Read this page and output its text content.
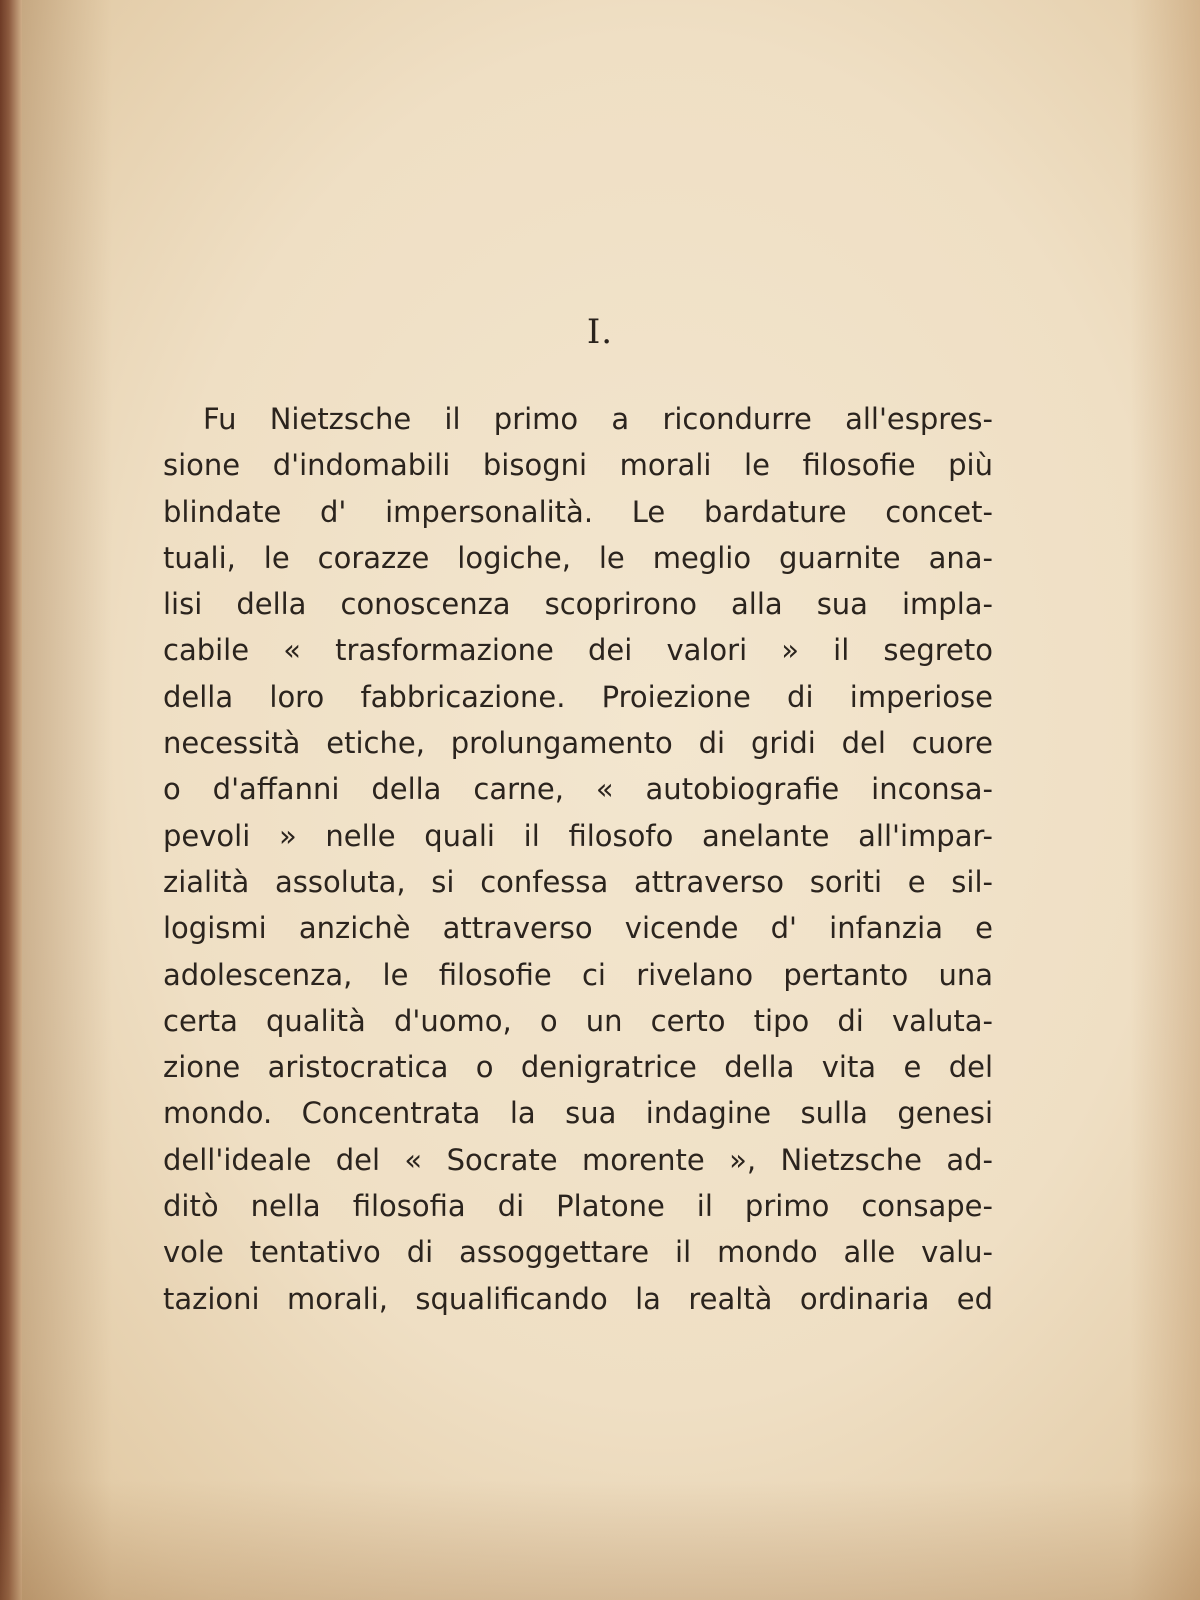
I.
Fu Nietzsche il primo a ricondurre all'espres-
sione d'indomabili bisogni morali le filosofie più
blindate d' impersonalità. Le bardature concet-
tuali, le corazze logiche, le meglio guarnite ana-
lisi della conoscenza scoprirono alla sua impla-
cabile « trasformazione dei valori » il segreto
della loro fabbricazione. Proiezione di imperiose
necessità etiche, prolungamento di gridi del cuore
o d'affanni della carne, « autobiografie inconsa-
pevoli » nelle quali il filosofo anelante all'impar-
zialità assoluta, si confessa attraverso soriti e sil-
logismi anzichè attraverso vicende d' infanzia e
adolescenza, le filosofie ci rivelano pertanto una
certa qualità d'uomo, o un certo tipo di valuta-
zione aristocratica o denigratrice della vita e del
mondo. Concentrata la sua indagine sulla genesi
dell'ideale del « Socrate morente », Nietzsche ad-
ditò nella filosofia di Platone il primo consape-
vole tentativo di assoggettare il mondo alle valu-
tazioni morali, squalificando la realtà ordinaria ed
